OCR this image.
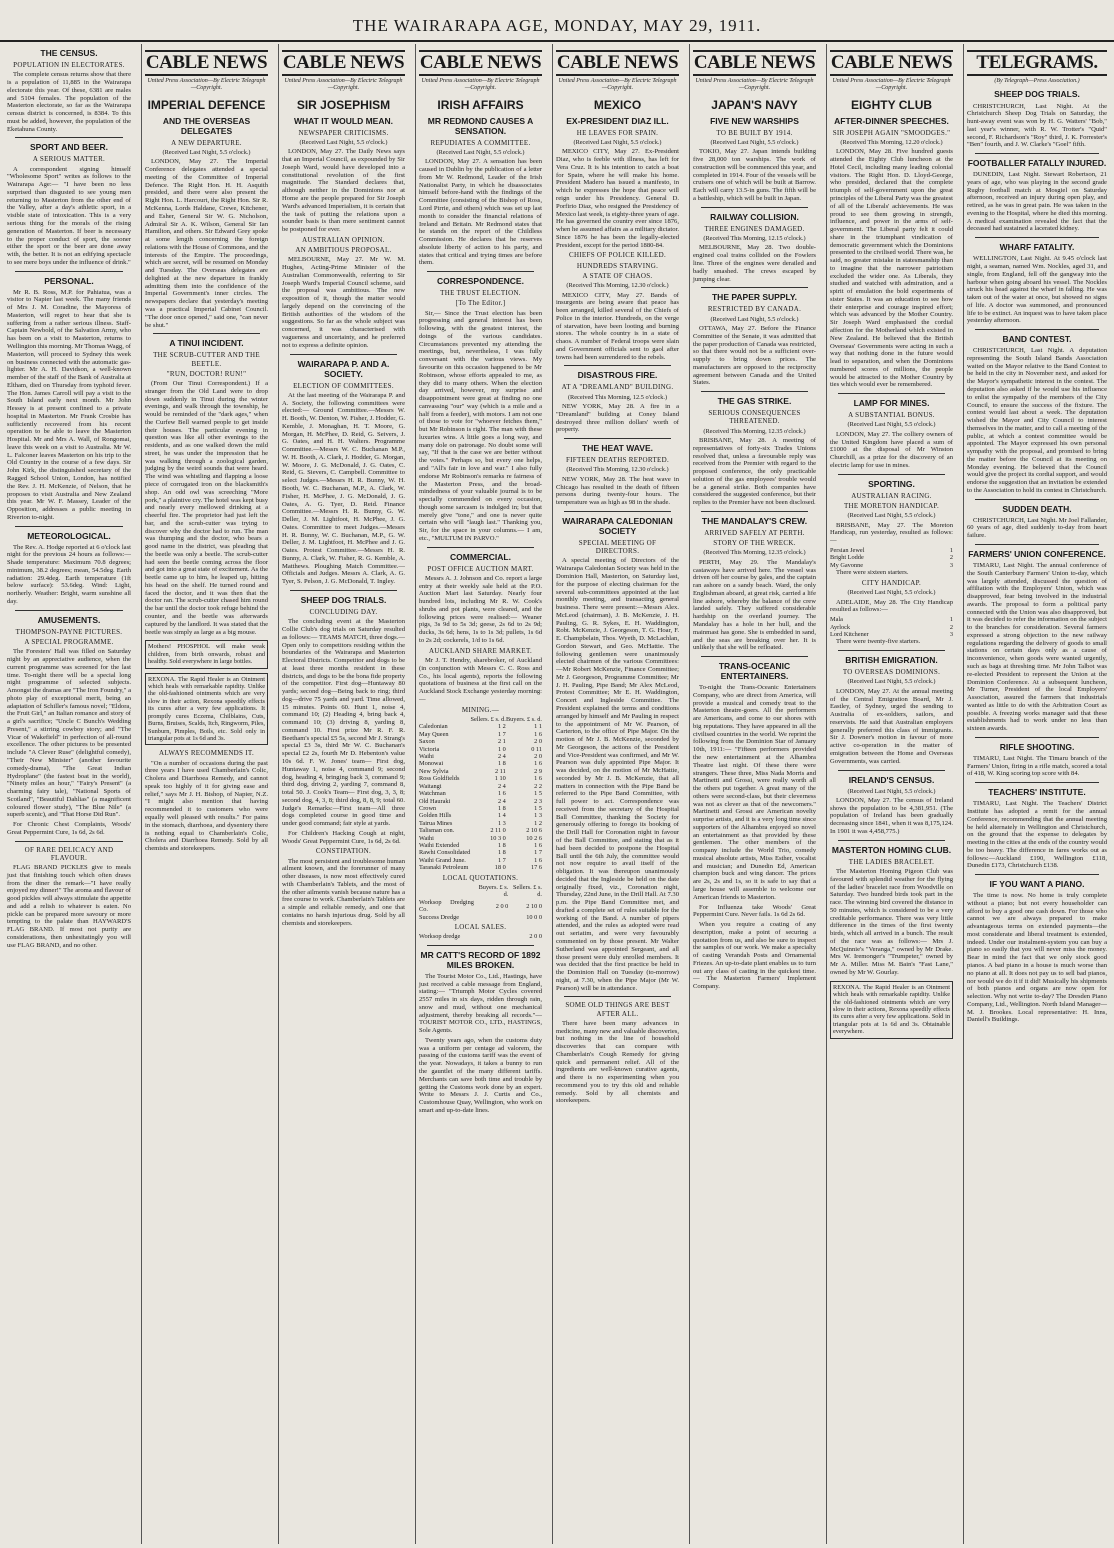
THE WAIRARAPA AGE, MONDAY, MAY 29, 1911.
THE CENSUS.
POPULATION IN ELECTORATES.

The complete census returns show that there is a population of 11,885 in the Wairarapa electorate this year. Of these, 6381 are males and 5104 females. The population of the Masterton electorate, so far as the Wairarapa census district is concerned, is 8384. To this must be added, however, the population of the Eketahuna County.

SPORT AND BEER.
A SERIOUS MATTER.

A correspondent signing himself "Wholesome Sport" writes as follows to the Wairarapa Age:— "I have been no less surprised than disgusted to see young men returning to Masterton from the other end of the Valley, after a day's athletic sport, in a visible state of intoxication. This is a very serious thing for the morals of the rising generation of Masterton. If beer is necessary to the proper conduct of sport, the sooner either the sport or the beer are done away with, the better. It is not an edifying spectacle to see mere boys under the influence of drink."

PERSONAL.

Mr R. B. Ross, M.P. for Pahiatua, was a visitor to Napier last week. The many friends of Mrs J. M. Coradine, the Mayoress of Masterton, will regret to hear that she is suffering from a rather serious illness. Staff-Captain Newbold, of the Salvation Army, who has been on a visit to Masterton, returns to Wellington this morning. Mr Thomas Wagg, of Masterton, will proceed to Sydney this week on business connected with the automatic gas-lighter. Mr A. H. Davidson, a well-known member of the staff of the Bank of Australia at Eltham, died on Thursday from typhoid fever. The Hon. James Carroll will pay a visit to the South Island early next month. Mr John Hessey is at present confined to a private hospital in Masterton. Mr Frank Crosbie has sufficiently recovered from his recent operation to be able to leave the Masterton Hospital. Mr and Mrs A. Wall, of Rongomai, leave this week on a visit to Australia. Mr W. L. Falconer leaves Masterton on his trip to the Old Country in the course of a few days. Sir John Kirk, the distinguished secretary of the Ragged School Union, London, has notified the Rev. J. H. McKenzie, of Nelson, that he proposes to visit Australia and New Zealand this year. Mr W. F. Massey, Leader of the Opposition, addresses a public meeting in Riverton to-night.

METEOROLOGICAL.

The Rev. A. Hodge reported at 6 o'clock last night for the previous 24 hours as follows:— Shade temperature: Maximum 70.8 degrees; minimum, 38.2 degrees; mean, 54.5deg. Earth radiation: 29.4deg. Earth temperature (1ft below surface): 53.6deg. Wind: Light, northerly. Weather: Bright, warm sunshine all day.

AMUSEMENTS.
THOMPSON-PAYNE PICTURES.
A SPECIAL PROGRAMME.

The Foresters' Hall was filled on Saturday night by an appreciative audience, when the current programme was screened for the last time. To-night there will be a special long night programme of selected subjects. Amongst the dramas are "The Iron Foundry," a photo play of exceptional merit, being an adaptation of Schiller's famous novel; "Eldora, the Fruit Girl," an Italian romance and story of a girl's sacrifice; "Uncle C Bunch's Wedding Present," a stirring cowboy story; and "The Vicar of Wakefield" in perfection of all-round excellence. The other pictures to be presented include "A Clever Ruse" (delightful comedy), "Their New Minister" (another favourite comedy-drama), "The Great Indian Hydroplane" (the fastest boat in the world), "Ninety miles an hour," "Fairy's Present" (a charming fairy tale), "National Sports of Scotland", "Beautiful Dahlias" (a magnificent coloured flower study), "The Blue Nile" (a superb scenic), and "That Horse Did Run".

For Chronic Chest Complaints, Woods' Great Peppermint Cure, 1s 6d, 2s 6d.

OF RARE DELICACY AND FLAVOUR.

FLAG BRAND PICKLES give to meals just that finishing touch which often draws from the diner the remark—"I have really enjoyed my dinner!" The aroma and flavour of good pickles will always stimulate the appetite and add a relish to whatever is eaten. No pickle can be prepared more savoury or more tempting to the palate than HAYWARD'S FLAG BRAND. If most not purity are considerations, then unhesitatingly you will use FLAG BRAND, and no other.

CABLE NEWS
United Press Association—By Electric Telegraph—Copyright.
IMPERIAL DEFENCE
AND THE OVERSEAS DELEGATES
A NEW DEPARTURE.
(Received Last Night, 5.5 o'clock.)

LONDON, May 27. The Imperial Conference delegates attended a special meeting of the Committee of Imperial Defence. The Right Hon. H. H. Asquith presided, and there were also present the Right Hon. L. Harcourt, the Right Hon. Sir R. McKenna, Lords Haldane, Crewe, Kitchener, and Esher, General Sir W. G. Nicholson, Admiral Sir A. K. Wilson, General Sir Ian Hamilton, and others. Sir Edward Grey spoke at some length concerning the foreign relations with the House of Commons, and the interests of the Empire. The proceedings, which are secret, will be resumed on Monday and Tuesday. The Overseas delegates are delighted at the new departure in frankly admitting them into the confidence of the Imperial Government's inner circles. The newspapers declare that yesterday's meeting was a practical Imperial Cabinet Council. "The door once opened," said one, "can never be shut."

A TINUI INCIDENT.
THE SCRUB-CUTTER AND THE BEETLE.
"RUN, DOCTOR! RUN!"

(From Our Tinui Correspondent.) If a stranger from the Old Land were to drop down suddenly in Tinui during the winter evenings, and walk through the township, he would be reminded of the "dark ages," when the Curfew Bell warned people to get inside their houses. The particular evening in question was like all other evenings to the residents, and as one walked down the mild street, he was under the impression that he was walking through a zoological garden, judging by the weird sounds that were heard. The wind was whistling and flapping a loose piece of corrugated iron on the blacksmith's shop. An odd owl was screeching "More pork," a plaintive cry. The hotel was kept busy and nearly every mellowed drinking at a cheerful fire. The proprietor had just left the bar, and the scrub-cutter was trying to discover why the doctor had to run. The man was thumping and the doctor, who bears a good name in the district, was pleading that the beetle was only a beetle. The scrub-cutter had seen the beetle coming across the floor and got into a great state of excitement. As the beetle came up to him, he leaped up, hitting his head on the shelf. He turned round and faced the doctor, and it was then that the doctor ran. The scrub-cutter chased him round the bar until the doctor took refuge behind the counter, and the beetle was afterwards captured by the landlord. It was stated that the beetle was simply as large as a big mouse.

Mothers! PHOSPHOL will make weak children, from birth onwards, robust and healthy. Sold everywhere in large bottles.
REXONA. The Rapid Healer is an Ointment which heals with remarkable rapidity. Unlike the old-fashioned ointments which are very slow in their action, Rexona speedily effects its cures after a very few applications. It promptly cures Eczema, Chilblains, Cuts, Burns, Bruises, Scalds, Itch, Ringworm, Piles, Sunburn, Pimples, Boils, etc. Sold only in triangular pots at 1s 6d and 3s.
ALWAYS RECOMMENDS IT.

"On a number of occasions during the past three years I have used Chamberlain's Colic, Cholera and Diarrhoea Remedy, and cannot speak too highly of it for giving ease and relief," says Mr J. H. Bishop, of Napier, N.Z. "I might also mention that having recommended it to customers who were equally well pleased with results." For pains in the stomach, diarrhoea, and dysentery there is nothing equal to Chamberlain's Colic, Cholera and Diarrhoea Remedy. Sold by all chemists and storekeepers.

CABLE NEWS
United Press Association—By Electric Telegraph—Copyright.
SIR JOSEPHISM
WHAT IT WOULD MEAN.
NEWSPAPER CRITICISMS.
(Received Last Night, 5.5 o'clock.)

LONDON, May 27. The Daily News says that an Imperial Council, as expounded by Sir Joseph Ward, would have developed into a constitutional revolution of the first magnitude. The Standard declares that, although neither in the Dominions nor at Home are the people prepared for Sir Joseph Ward's advanced Imperialism, it is certain that the task of putting the relations upon a sounder basis is than mere sentiment cannot be postponed for ever.

AUSTRALIAN OPINION.
AN AMBITIOUS PROPOSAL.

MELBOURNE, May 27. Mr W. M. Hughes, Acting-Prime Minister of the Australian Commonwealth, referring to Sir Joseph Ward's Imperial Council scheme, said the proposal was ambitious. The new exposition of it, though the matter would largely depend on the convincing of the British authorities of the wisdom of the suggestions. So far as the whole subject was concerned, it was characterised with vagueness and uncertainty, and he preferred not to express a definite opinion.

WAIRARAPA P. AND A. SOCIETY.
ELECTION OF COMMITTEES.

At the last meeting of the Wairarapa P. and A. Society, the following committees were elected:— Ground Committee.—Messrs W. H. Booth, W. Denton, W. Fisher, J. Hodder, G. Kemble, J. Monaghan, H. T. Moore, G. Morgan, H. McPhee, D. Reid, G. Seivers, J. G. Oates, and H. H. Walters. Programme Committee.—Messrs W. C. Buchanan M.P., W. H. Booth, A. Clark, J. Hodder, G. Morgan, W. Moore, J. G. McDonald, J. G. Oates, C. Reid, G. Sievers, C. Campbell. Committee to select Judges.—Messrs H. R. Bunny, W. H. Booth, W. C. Buchanan, M.P., A. Clark, W. Fisher, H. McPhee, J. G. McDonald, J. G. Oates, A. G. Tyer, D. Reid. Finance Committee.—Messrs H. R. Bunny, G. W. Deller, J. M. Lightfoot, H. McPhee, J. G. Oates. Committee to meet Judges.—Messrs H. R. Bunny, W. C. Buchanan, M.P., G. W. Deller, J. M. Lightfoot, H. McPhee and J. G. Oates. Protest Committee.—Messrs H. R. Bunny, A. Clark, W. Fisher, R. G. Kemble, A. Matthews. Ploughing Match Committee.—Officials and Judges. Messrs A. Clark, A. G. Tyer, S. Pelson, J. G. McDonald, T. Ingley.

SHEEP DOG TRIALS.
CONCLUDING DAY.

The concluding event at the Masterton Collie Club's dog trials on Saturday resulted as follows:— TEAMS MATCH, three dogs.— Open only to competitors residing within the boundaries of the Wairarapa and Masterton Electoral Districts. Competitor and dogs to be at least three months resident in these districts, and dogs to be the bona fide property of the competitor. First dog—Huntaway 80 yards; second dog—Being back to ring; third dog—drive 75 yards and yard. Time allowed, 15 minutes. Points 60. Hunt 1, noise 4, command 10; (2) Heading 4, bring back 4, command 10; (3) driving 8, yarding 8, command 10. First prize Mr R. F. R. Beetham's special £5 5s, second Mr J. Strang's special £3 3s, third Mr W. C. Buchanan's special £2 2s, fourth Mr D. Hebenton's value 10s 6d. F. W. Jones' team— First dog, Huntaway 1, noise 4, command 9; second dog, heading 4, bringing back 3, command 9; third dog, driving 2, yarding 7, command 8, total 50. J. Cook's Team— First dog, 3, 3, 8; second dog, 4, 3, 8; third dog, 8, 8, 9; total 60. Judge's Remarks:—First team—All three dogs completed course in good time and under good command; fair style at yards.

For Children's Hacking Cough at night, Woods' Great Peppermint Cure, 1s 6d, 2s 6d.

CONSTIPATION.

The most persistent and troublesome human ailment known, and the forerunner of many other diseases, is now most effectively cured with Chamberlain's Tablets, and the most of the other ailments vanish because nature has a free course to work. Chamberlain's Tablets are a simple and reliable remedy, and one that contains no harsh injurious drug. Sold by all chemists and storekeepers.

CABLE NEWS
United Press Association—By Electric Telegraph—Copyright.
IRISH AFFAIRS
MR REDMOND CAUSES A SENSATION.
REPUDIATES A COMMITTEE.
(Received Last Night, 5.5 o'clock.)

LONDON, May 27. A sensation has been caused in Dublin by the publication of a letter from Mr W. Redmond, Leader of the Irish Nationalist Party, in which he disassociates himself before-hand with the findings of the Committee (consisting of the Bishop of Ross, Lord Pirrie, and others) which was set up last month to consider the financial relations of Ireland and Britain. Mr Redmond states that he stands on the report of the Childless Commission. He declares that he reserves absolute liberty of action to his party, and states that critical and trying times are before them.

CORRESPONDENCE.
THE TRUST ELECTION.
[To The Editor.]

Sir,— Since the Trust election has been progressing and general interest has been following, with the greatest interest, the doings of the various candidates. Circumstances prevented my attending the meetings, but, nevertheless, I was fully conversant with the various views. My favourite on this occasion happened to be Mr Robinson, whose efforts appealed to me, as they did to many others. When the election day arrived, however, my surprise and disappointment were great at finding no one canvassing "our" way (which is a mile and a half from a feeder), with motors. I am not one of those to vote for "whoever fetches them," but Mr Robinson is right. The man with these luxuries wins. A little goes a long way, and many dole on patronage. No doubt some will say, "If that is the case we are better without the votes." Perhaps so, but every one helps, and "All's fair in love and war." I also fully endorse Mr Robinson's remarks re fairness of the Masterton Press, and the broad-mindedness of your valuable journal is to be specially commended on every occasion, though some sarcasm is indulged in; but that merely give "tone," and one is never quite certain who will "laugh last." Thanking you, Sir, for the space in your columns.— I am, etc., "MULTUM IN PARVO."

COMMERCIAL.
POST OFFICE AUCTION MART.

Messrs A. J. Johnson and Co. report a large entry at their weekly sale held at the P.O. Auction Mart last Saturday. Nearly four hundred lots, including Mr R. W. Cook's shrubs and pot plants, were cleared, and the following prices were realised:— Weaner pigs, 3s 9d to 5s 3d; geese, 2s 6d to 2s 9d; ducks, 3s 6d; hens, 1s to 1s 3d; pullets, 1s 6d to 2s 2d; cockerels, 1/d to 1s 6d.

AUCKLAND SHARE MARKET.

Mr J. T. Hendry, sharebroker, of Auckland (in conjunction with Messrs C. C. Ross and Co., his local agents), reports the following quotations of business at the first call on the Auckland Stock Exchange yesterday morning:—

MINING.—
	Sellers. £ s. d.	Buyers. £ s. d.
Caledonian	1 2	1 1
May Queen	1 7	1 6
Saxon	2 1	2 0
Victoria	1 0	0 11
Waihi	2 4	2 0
Monowai	1 8	1 6
New Sylvia	2 11	2 9
Ross Goldfields	1 10	1 6
Waitangi	2 4	2 2
Watchman	1 6	1 5
Old Hauraki	2 4	2 3
Crown	1 8	1 5
Golden Hills	1 4	1 3
Tairua Mines	1 3	1 2
Talisman con.	2 11 0	2 10 6
Waihi	10 3 0	10 2 6
Waihi Extended	1 8	1 6
Rawhi Consolidated	1 8	1 7
Waihi Grand June.	1 7	1 6
Taranaki Petroleum	18 0	17 6
LOCAL QUOTATIONS.
	Buyers. £ s. d.	Sellers. £ s. d.
Worksop Dredging Co.	2 0 0	2 10 0
Success Dredge		10 0 0
LOCAL SALES.
Worksop dredge		2 0 0
MR CATT'S RECORD OF 1892 MILES BROKEN.

The Tourist Motor Co., Ltd., Hastings, have just received a cable message from England, stating:— "Triumph Motor Cycles covered 2557 miles in six days, ridden through rain, snow and mud, without one mechanical adjustment, thereby breaking all records."— TOURIST MOTOR CO., LTD., HASTINGS, Sole Agents.

Twenty years ago, when the customs duty was a uniform per centage ad valorem, the passing of the customs tariff was the event of the year. Nowadays, it takes a bunny to run the gauntlet of the many different tariffs. Merchants can save both time and trouble by getting the Customs work done by an expert. Write to Messrs J. J. Curtis and Co., Customhouse Quay, Wellington, who work on smart and up-to-date lines.

CABLE NEWS
United Press Association—By Electric Telegraph—Copyright.
MEXICO
EX-PRESIDENT DIAZ ILL.
HE LEAVES FOR SPAIN.
(Received Last Night, 5.5 o'clock.)

MEXICO CITY, May 27. Ex-President Diaz, who is feeble with illness, has left for Vera Cruz. It is his intention to catch a boat for Spain, where he will make his home. President Madero has issued a manifesto, in which he expresses the hope that peace will reign under his Presidency. General D. Porfirio Diaz, who resigned the Presidency of Mexico last week, is eighty-three years of age. He has governed the country ever since 1876, when he assumed affairs as a military dictator. Since 1876 he has been the legally-elected President, except for the period 1880-84.

CHIEFS OF POLICE KILLED.
HUNDREDS STARVING.
A STATE OF CHAOS.
(Received This Morning, 12.30 o'clock.)

MEXICO CITY, May 27. Bands of insurgents are being aware that peace has been arranged, killed several of the Chiefs of Police in the interior. Hundreds, on the verge of starvation, have been looting and burning stores. The whole country is in a state of chaos. A number of Federal troops were slain and Government officials sent to gaol after towns had been surrendered to the rebels.

DISASTROUS FIRE.
AT A "DREAMLAND" BUILDING.
(Received This Morning, 12.5 o'clock.)

NEW YORK, May 28. A fire in a "Dreamland" building at Coney Island destroyed three million dollars' worth of property.

THE HEAT WAVE.
FIFTEEN DEATHS REPORTED.
(Received This Morning, 12.30 o'clock.)

NEW YORK, May 28. The heat wave in Chicago has resulted in the death of fifteen persons during twenty-four hours. The temperature was as high as 98 in the shade.

WAIRARAPA CALEDONIAN SOCIETY
SPECIAL MEETING OF DIRECTORS.

A special meeting of Directors of the Wairarapa Caledonian Society was held in the Dominion Hall, Masterton, on Saturday last, for the purpose of electing chairman for the several sub-committees appointed at the last monthly meeting, and transacting general business. There were present:—Messrs Alex. McLeod (chairman), J. B. McKenzie, J. H. Pauling, G. R. Sykes, E. H. Waddington, Robt. McKenzie, J. Georgeson, T. G. Hoar, F. E. Champbelain, Thos. Wyeth, D. McLachlan, Gordon Stewart, and Geo. McHattie. The following gentlemen were unanimously elected chairmen of the various Committees:—Mr Robert McKenzie, Finance Committee; Mr J. Georgeson, Programme Committee; Mr J. H. Pauling, Pipe Band; Mr Alex McLeod, Protest Committee; Mr E. H. Waddington, Concert and Ingleside Committee. The President explained the terms and conditions arranged by himself and Mr Pauling in respect to the appointment of Mr W. Pearson, of Carterton, to the office of Pipe Major. On the motion of Mr J. B. McKenzie, seconded by Mr Georgeson, the actions of the President and Vice-President was confirmed, and Mr W. Pearson was duly appointed Pipe Major. It was decided, on the motion of Mr McHattie, seconded by Mr J. B. McKenzie, that all matters in connection with the Pipe Band be referred to the Pipe Band Committee, with full power to act. Correspondence was received from the secretary of the Hospital Ball Committee, thanking the Society for generously offering to forego its booking of the Drill Hall for Coronation night in favour of the Ball Committee, and stating that as it had been decided to postpone the Hospital Ball until the 6th July, the committee would not now require to avail itself of the obligation. It was thereupon unanimously decided that the Ingleside be held on the date originally fixed, viz., Coronation night, Thursday, 22nd June, in the Drill Hall. At 7.30 p.m. the Pipe Band Committee met, and drafted a complete set of rules suitable for the working of the Band. A number of pipers attended, and the rules as adopted were read out seriatim, and were very favourably commented on by those present. Mr Walter Sutherland was appointed Sergeant, and all those present were duly enrolled members. It was decided that the first practice be held in the Dominion Hall on Tuesday (to-morrow) night, at 7.30, when the Pipe Major (Mr W. Pearson) will be in attendance.

SOME OLD THINGS ARE BEST AFTER ALL.

There have been many advances in medicine, many new and valuable discoveries, but nothing in the line of household discoveries that can compare with Chamberlain's Cough Remedy for giving quick and permanent relief. All of the ingredients are well-known curative agents, and there is no experimenting when you recommend you to try this old and reliable remedy. Sold by all chemists and storekeepers.

CABLE NEWS
United Press Association—By Electric Telegraph—Copyright.
JAPAN'S NAVY
FIVE NEW WARSHIPS
TO BE BUILT BY 1914.
(Received Last Night, 5.5 o'clock.)

TOKIO, May 27. Japan intends building five 28,000 ton warships. The work of construction will be commenced this year, and completed in 1914. Four of the vessels will be cruisers one of which will be built at Barrow. Each will carry 13.5-in guns. The fifth will be a battleship, which will be built in Japan.

RAILWAY COLLISION.
THREE ENGINES DAMAGED.
(Received This Morning, 12.15 o'clock.)

MELBOURNE, May 28. Two double-engined coal trains collided on the Fowlers line. Three of the engines were derailed and badly smashed. The crews escaped by jumping clear.

THE PAPER SUPPLY.
RESTRICTED BY CANADA.
(Received Last Night, 5.5 o'clock.)

OTTAWA, May 27. Before the Finance Committee of the Senate, it was admitted that the paper production of Canada was restricted, so that there would not be a sufficient over-supply to bring down prices. The manufacturers are opposed to the reciprocity agreement between Canada and the United States.

THE GAS STRIKE.
SERIOUS CONSEQUENCES THREATENED.
(Received This Morning, 12.35 o'clock.)

BRISBANE, May 28. A meeting of representatives of forty-six Trades Unions resolved that, unless a favourable reply was received from the Premier with regard to the proposed conference, the only practicable solution of the gas employees' trouble would be a general strike. Both companies have considered the suggested conference, but their replies to the Premier have not been disclosed.

THE MANDALAY'S CREW.
ARRIVED SAFELY AT PERTH.
STORY OF THE WRECK.
(Received This Morning, 12.35 o'clock.)

PERTH, May 29. The Mandalay's castaways have arrived here. The vessel was driven off her course by gales, and the captain ran ashore on a sandy beach. Ward, the only Englishman aboard, at great risk, carried a life line ashore, whereby the balance of the crew landed safely. They suffered considerable hardship on the overland journey. The Mandalay has a hole in her hull, and the mainmast has gone. She is embedded in sand, and the seas are breaking over her. It is unlikely that she will be refloated.

TRANS-OCEANIC ENTERTAINERS.

To-night the Trans-Oceanic Entertainers Company, who are direct from America, will provide a musical and comedy treat to the Masterton theatre-goers. All the performers are Americans, and come to our shores with big reputations. They have appeared in all the civilised countries in the world. We reprint the following from the Dominion Star of January 10th, 1911:— "Fifteen performers provided the new entertainment at the Alhambra Theatre last night. Of these there were strangers. These three, Miss Nada Morris and Martinetti and Grossi, were really worth all the others put together. A great many of the others were second-class, but their cleverness was not as clever as that of the newcomers." Martinetti and Grossi are American novelty surprise artists, and it is a very long time since supporters of the Alhambra enjoyed so novel an entertainment as that provided by these gentlemen. The other members of the company include the World Trio, comedy musical absolute artists, Miss Esther, vocalist and musician; and Dunedin Ed, American champion buck and wing dancer. The prices are 2s, 2s and 1s, so it is safe to say that a large house will assemble to welcome our American friends to Masterton.

For Influenza take Woods' Great Peppermint Cure. Never fails. 1s 6d 2s 6d.

When you require a coating of any description, make a point of securing a quotation from us, and also be sure to inspect the samples of our work. We make a specialty of casting Verandah Posts and Ornamental Friezes. An up-to-date plant enables us to turn out any class of casting in the quickest time.— The Masterton Farmers' Implement Company.

CABLE NEWS
United Press Association—By Electric Telegraph—Copyright.
EIGHTY CLUB
AFTER-DINNER SPEECHES.
SIR JOSEPH AGAIN "SMOODGES."
(Received This Morning, 12.20 o'clock.)

LONDON, May 28. Five hundred guests attended the Eighty Club luncheon at the Hotel Cecil, including many leading colonial visitors. The Right Hon. D. Lloyd-George, who presided, declared that the complete triumph of self-government upon the great principles of the Liberal Party was the greatest of all of the Liberals' achievements. He was proud to see them growing in strength, influence, and power in the arms of self-government. The Liberal party felt it could share in the triumphant vindication of democratic government which the Dominions presented to the civilised world. There was, he said, no greater mistake in statesmanship than to imagine that the narrower patriotism excluded the wider one. As Liberals, they studied and watched with admiration, and a spirit of emulation the bold experiments of sister States. It was an education to see how their enterprise and courage inspired effort; which was advanced by the Mother Country. Sir Joseph Ward emphasised the cordial affection for the Motherland which existed in New Zealand. He believed that the British Overseas' Governments were acting in such a way that nothing done in the future would lead to separation, and when the Dominions numbered scores of millions, the people would be attracted to the Mother Country by ties which would ever be remembered.

LAMP FOR MINES.
A SUBSTANTIAL BONUS.
(Received Last Night, 5.5 o'clock.)

LONDON, May 27. The colliery owners of the United Kingdom have placed a sum of £1000 at the disposal of Mr Winston Churchill, as a prize for the discovery of an electric lamp for use in mines.

SPORTING.
AUSTRALIAN RACING.
THE MORETON HANDICAP.
(Received Last Night, 5.5 o'clock.)

BRISBANE, May 27. The Moreton Handicap, run yesterday, resulted as follows:—

Persian Jewel	1
Bright Lodde	2
My Gavonne	3

There were sixteen starters.

CITY HANDICAP.
(Received Last Night, 5.5 o'clock.)

ADELAIDE, May 28. The City Handicap resulted as follows:—

Mala	1
Ayrlock	2
Lord Kitchener	3

There were twenty-five starters.

BRITISH EMIGRATION.
TO OVERSEAS DOMINIONS.
(Received Last Night, 5.5 o'clock.)

LONDON, May 27. At the annual meeting of the Central Emigration Board, Mr J. Eastley, of Sydney, urged the sending to Australia of ex-soldiers, sailors, and reservists. He said that Australian employers generally preferred this class of immigrants. Sir J. Downer's motion in favour of more active co-operation in the matter of emigration between the Home and Overseas Governments, was carried.

IRELAND'S CENSUS.
(Received Last Night, 5.5 o'clock.)

LONDON, May 27. The census of Ireland shows the population to be 4,381,951. (The population of Ireland has been gradually decreasing since 1841, when it was 8,175,124. In 1901 it was 4,458,775.)

MASTERTON HOMING CLUB.
THE LADIES BRACELET.

The Masterton Homing Pigeon Club was favoured with splendid weather for the flying of the ladies' bracelet race from Woodville on Saturday. Two hundred birds took part in the race. The winning bird covered the distance in 50 minutes, which is considered to be a very creditable performance. There was very little difference in the times of the first twenty birds, which all arrived in a bunch. The result of the race was as follows:— Mrs J. McQuinnie's "Veranga," owned by Mr Drake. Mrs W. Iremonger's "Trumpeter," owned by Mr A. Miller. Miss M. Bain's "Fast Lane," owned by Mr W. Gourlay.

REXONA. The Rapid Healer is an Ointment which heals with remarkable rapidity. Unlike the old-fashioned ointments which are very slow in their actions, Rexona speedily effects its cures after a very few applications. Sold in triangular pots at 1s 6d and 3s. Obtainable everywhere.
TELEGRAMS.
(By Telegraph—Press Association.)
SHEEP DOG TRIALS.

CHRISTCHURCH, Last Night. At the Christchurch Sheep Dog Trials on Saturday, the hunt-away event was won by H. G. Watters' "Bob," last year's winner, with R. W. Trotter's "Quid" second, F. Richardson's "Roy" third, J. K. Forrester's "Ben" fourth, and J. W. Clarke's "Goel" fifth.

FOOTBALLER FATALLY INJURED.

DUNEDIN, Last Night. Stewart Robertson, 21 years of age, who was playing in the second grade Rugby football match at Mosgiel on Saturday afternoon, received an injury during open play, and retired, as he was in great pain. He was taken in the evening to the Hospital, where he died this morning. A medical examination revealed the fact that the deceased had sustained a lacerated kidney.

WHARF FATALITY.

WELLINGTON, Last Night. At 9.45 o'clock last night, a seaman, named Wm. Nockles, aged 31, and single, from England, fell off the gangway into the harbour when going aboard his vessel. The Nockles struck his head against the wharf in falling. He was taken out of the water at once, but showed no signs of life. A doctor was summoned, and pronounced life to be extinct. An inquest was to have taken place yesterday afternoon.

BAND CONTEST.

CHRISTCHURCH, Last Night. A deputation representing the South Island Bands Association waited on the Mayor relative to the Band Contest to be held in the city in November next, and asked for the Mayor's sympathetic interest in the contest. The deputation also asked if he would use his influence to enlist the sympathy of the members of the City Council, to ensure the success of the fixture. The contest would last about a week. The deputation wished the Mayor and City Council to interest themselves in the matter, and to call a meeting of the public, at which a contest committee would be appointed. The Mayor expressed his own personal sympathy with the proposal, and promised to bring the matter before the Council at its meeting on Monday evening. He believed that the Council would give the project its cordial support, and would endorse the suggestion that an invitation be extended to the Association to hold its contest in Christchurch.

SUDDEN DEATH.

CHRISTCHURCH, Last Night. Mr Joel Fallander, 60 years of age, died suddenly to-day from heart failure.

FARMERS' UNION CONFERENCE.

TIMARU, Last Night. The annual conference of the South Canterbury Farmers' Union to-day, which was largely attended, discussed the question of affiliation with the Employers' Union, which was disapproved, fear being involved in the industrial awards. The proposal to form a political party connected with the Union was also disapproved, but it was decided to refer the information on the subject to the branches for consideration. Several farmers expressed a strong objection to the new railway regulations regarding the delivery of goods to small stations on certain days only as a cause of inconvenience, when goods were wanted urgently, such as bags at threshing time. Mr John Talbot was re-elected President to represent the Union at the Dominion Conference. At a subsequent luncheon, Mr Turner, President of the local Employers' Association, assured the farmers that industrials wanted as little to do with the Arbitration Court as possible. A freezing works manager said that these establishments had to work under no less than sixteen awards.

RIFLE SHOOTING.

TIMARU, Last Night. The Timaru branch of the Farmers' Union, firing in a rifle match, scored a total of 418, W. King scoring top score with 84.

TEACHERS' INSTITUTE.

TIMARU, Last Night. The Teachers' District Institute has adopted a remit for the annual Conference, recommending that the annual meeting be held alternately in Wellington and Christchurch, on the ground that the expense to delegates by meeting in the cities at the ends of the country would be too heavy. The difference in fares works out as follows:—Auckland £190, Wellington £118, Dunedin £173, Christchurch £138.

IF YOU WANT A PIANO.

The time is now. No home is truly complete without a piano; but not every householder can afford to buy a good one cash down. For those who cannot we are always prepared to make advantageous terms on extended payments—the most considerate and liberal treatment is extended, indeed. Under our instalment-system you can buy a piano so easily that you will never miss the money. Bear in mind the fact that we only stock good pianos. A bad piano in a house is much worse than no piano at all. It does not pay us to sell bad pianos, nor would we do it if it did! Musically his shipments of both pianos and organs are now open for selection. Why not write to-day? The Dresden Piano Company, Ltd., Wellington. North Island Manager—M. J. Brookes. Local representative: H. Inns, Daniell's Buildings.
